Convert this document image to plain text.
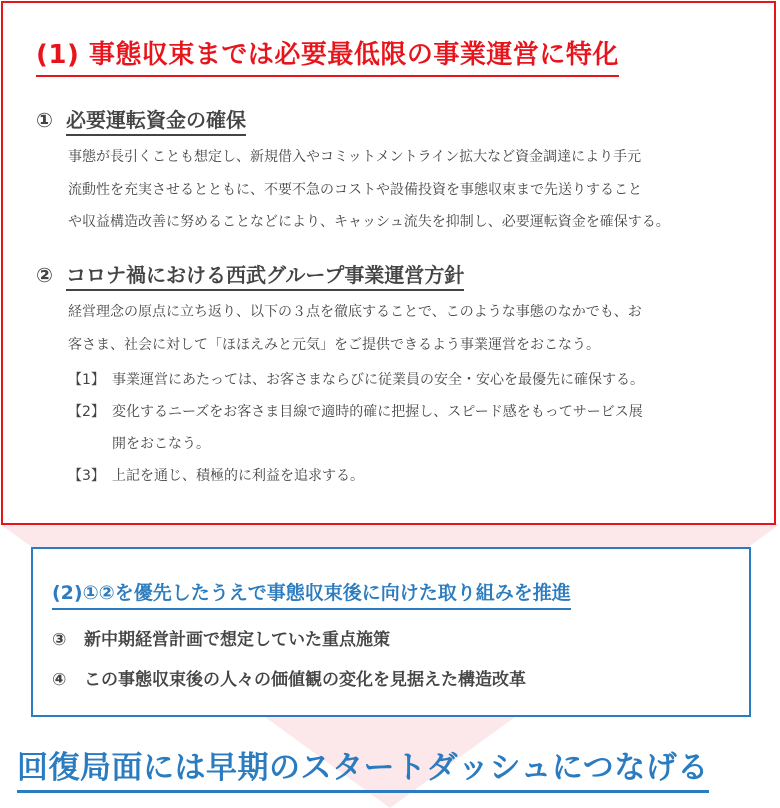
(1) 事態収束までは必要最低限の事業運営に特化
① 必要運転資金の確保
事態が長引くことも想定し、新規借入やコミットメントライン拡大など資金調達により手元
流動性を充実させるとともに、不要不急のコストや設備投資を事態収束まで先送りすること
や収益構造改善に努めることなどにより、キャッシュ流失を抑制し、必要運転資金を確保する。
② コロナ禍における西武グループ事業運営方針
経営理念の原点に立ち返り、以下の３点を徹底することで、このような事態のなかでも、お
客さま、社会に対して「ほほえみと元気」をご提供できるよう事業運営をおこなう。
【1】 事業運営にあたっては、お客さまならびに従業員の安全・安心を最優先に確保する。
【2】 変化するニーズをお客さま目線で適時的確に把握し、スピード感をもってサービス展
開をおこなう。
【3】 上記を通じ、積極的に利益を追求する。
(2)①②を優先したうえで事態収束後に向けた取り組みを推進
③ 新中期経営計画で想定していた重点施策
④ この事態収束後の人々の価値観の変化を見据えた構造改革
回復局面には早期のスタートダッシュにつなげる
